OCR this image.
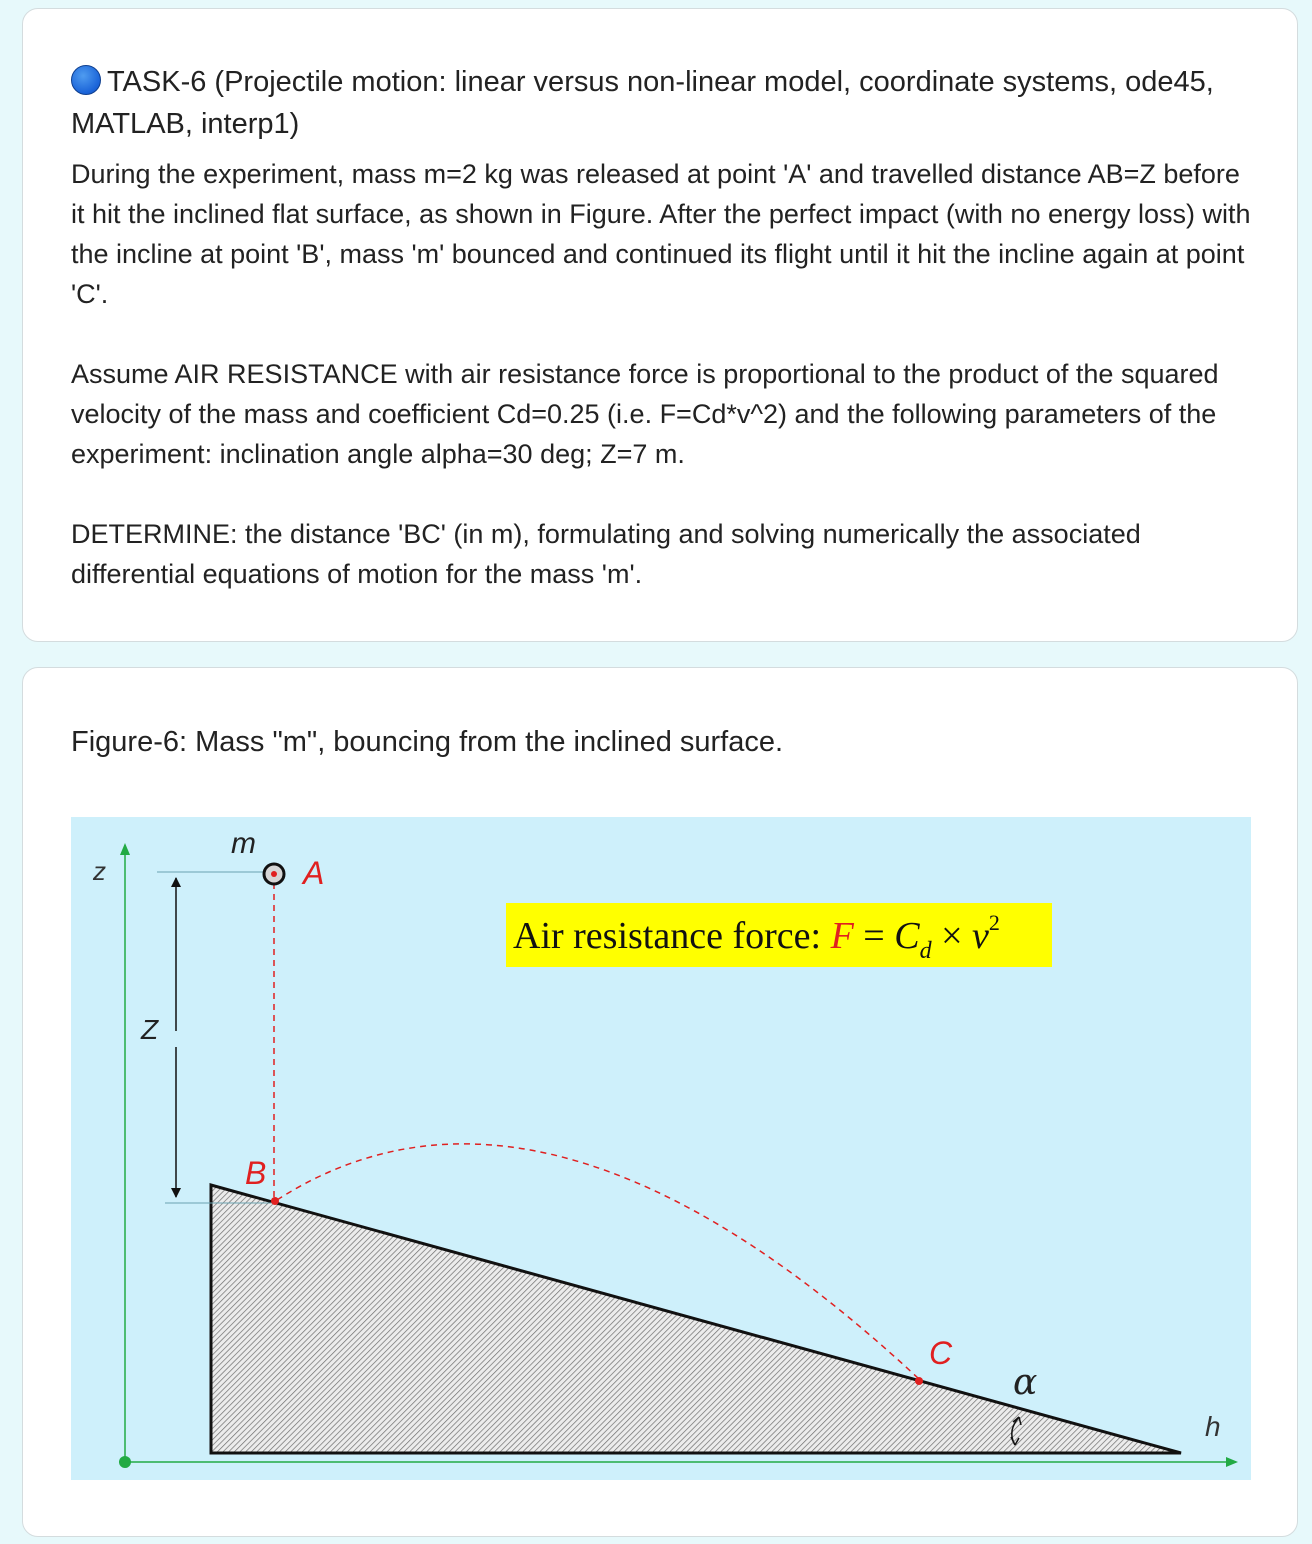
TASK-6 (Projectile motion: linear versus non-linear model, coordinate systems, ode45, MATLAB, interp1)

During the experiment, mass m=2 kg was released at point 'A' and travelled distance AB=Z before it hit the inclined flat surface, as shown in Figure. After the perfect impact (with no energy loss) with the incline at point 'B', mass 'm' bounced and continued its flight until it hit the incline again at point 'C'.

Assume AIR RESISTANCE with air resistance force is proportional to the product of the squared velocity of the mass and coefficient Cd=0.25 (i.e. F=Cd*v^2) and the following parameters of the experiment: inclination angle alpha=30 deg; Z=7 m.

DETERMINE: the distance 'BC' (in m), formulating and solving numerically the associated differential equations of motion for the mass 'm'.

Figure-6: Mass "m", bouncing from the inclined surface.
z
h
Z
m
A
B
C
α
Air resistance force: $F = C_d \times v^2$
